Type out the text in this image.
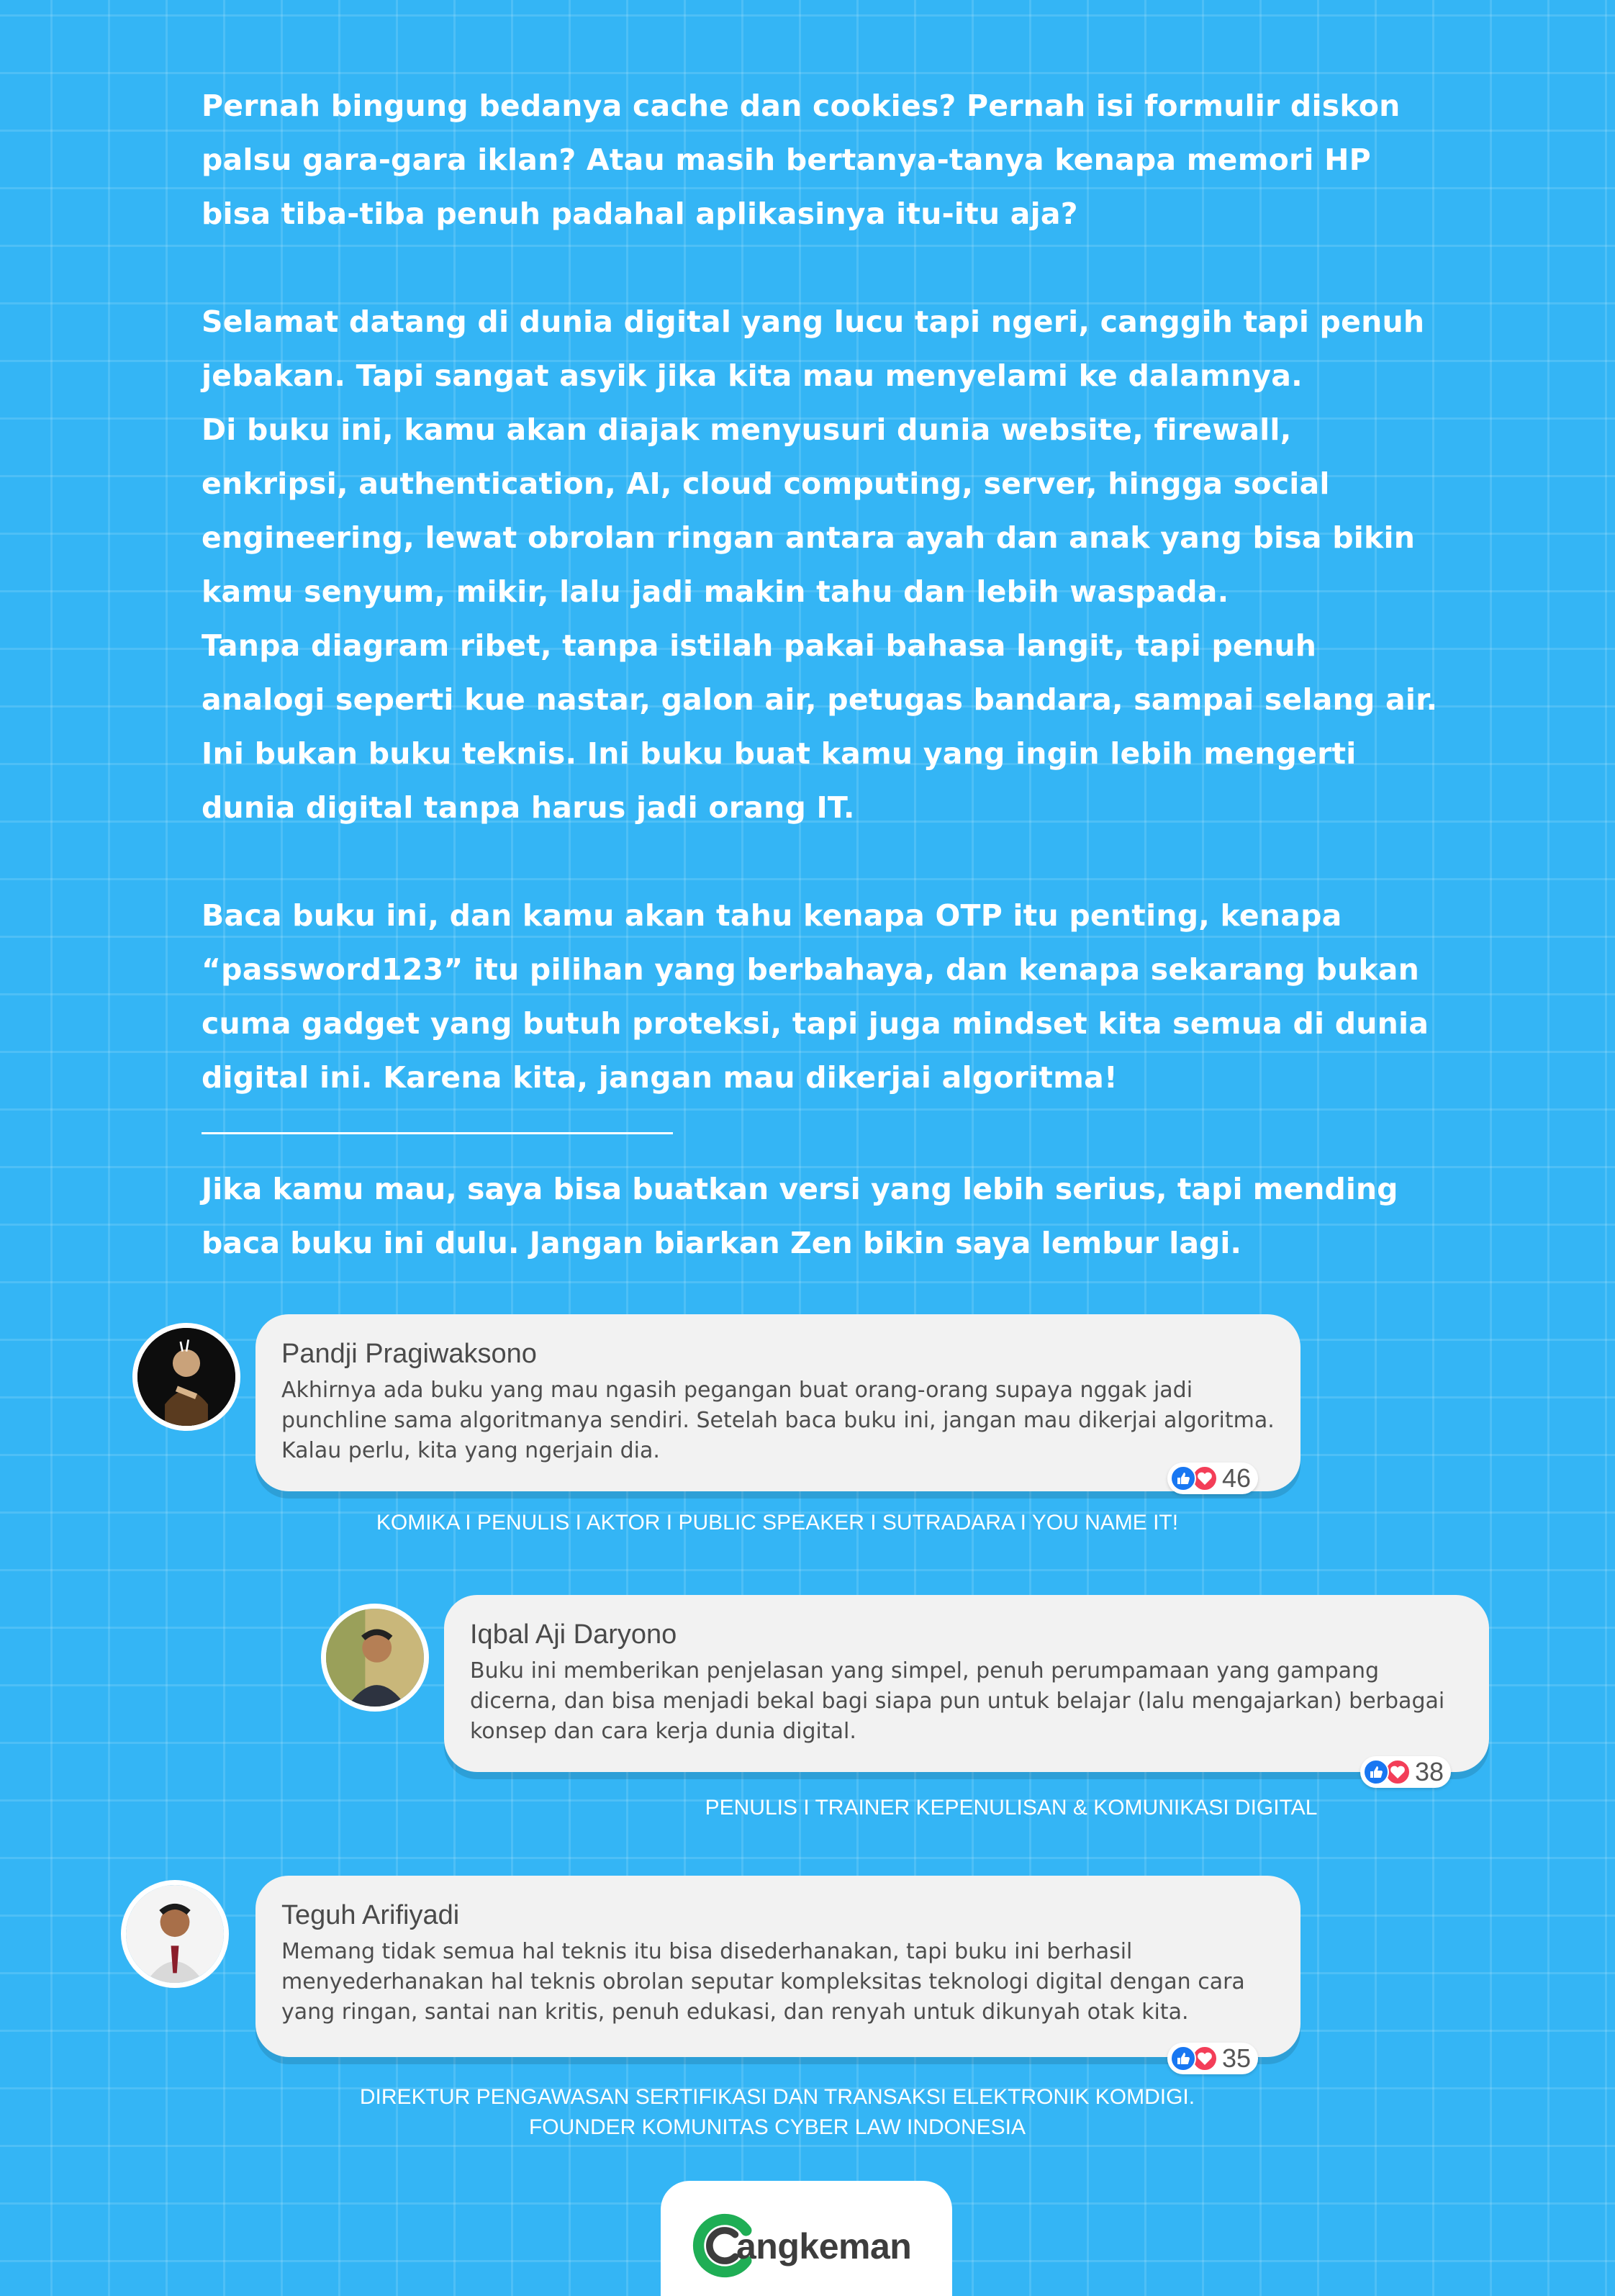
Pernah bingung bedanya cache dan cookies? Pernah isi formulir diskon palsu gara-gara iklan? Atau masih bertanya-tanya kenapa memori HP bisa tiba-tiba penuh padahal aplikasinya itu-itu aja?

Selamat datang di dunia digital yang lucu tapi ngeri, canggih tapi penuh jebakan. Tapi sangat asyik jika kita mau menyelami ke dalamnya.

Di buku ini, kamu akan diajak menyusuri dunia website, firewall, enkripsi, authentication, AI, cloud computing, server, hingga social engineering, lewat obrolan ringan antara ayah dan anak yang bisa bikin kamu senyum, mikir, lalu jadi makin tahu dan lebih waspada.

Tanpa diagram ribet, tanpa istilah pakai bahasa langit, tapi penuh analogi seperti kue nastar, galon air, petugas bandara, sampai selang air.

Ini bukan buku teknis. Ini buku buat kamu yang ingin lebih mengerti dunia digital tanpa harus jadi orang IT.

Baca buku ini, dan kamu akan tahu kenapa OTP itu penting, kenapa “password123” itu pilihan yang berbahaya, dan kenapa sekarang bukan cuma gadget yang butuh proteksi, tapi juga mindset kita semua di dunia digital ini. Karena kita, jangan mau dikerjai algoritma!

Jika kamu mau, saya bisa buatkan versi yang lebih serius, tapi mending baca buku ini dulu. Jangan biarkan Zen bikin saya lembur lagi.

Pandji Pragiwaksono
Akhirnya ada buku yang mau ngasih pegangan buat orang-orang supaya nggak jadi punchline sama algoritmanya sendiri. Setelah baca buku ini, jangan mau dikerjai algoritma. Kalau perlu, kita yang ngerjain dia.
46
KOMIKA I PENULIS I AKTOR I PUBLIC SPEAKER I SUTRADARA I YOU NAME IT!
Iqbal Aji Daryono
Buku ini memberikan penjelasan yang simpel, penuh perumpamaan yang gampang dicerna, dan bisa menjadi bekal bagi siapa pun untuk belajar (lalu mengajarkan) berbagai konsep dan cara kerja dunia digital.
38
PENULIS I TRAINER KEPENULISAN & KOMUNIKASI DIGITAL
Teguh Arifiyadi
Memang tidak semua hal teknis itu bisa disederhanakan, tapi buku ini berhasil menyederhanakan hal teknis obrolan seputar kompleksitas teknologi digital dengan cara yang ringan, santai nan kritis, penuh edukasi, dan renyah untuk dikunyah otak kita.
35
DIREKTUR PENGAWASAN SERTIFIKASI DAN TRANSAKSI ELEKTRONIK KOMDIGI.
FOUNDER KOMUNITAS CYBER LAW INDONESIA
angkeman
